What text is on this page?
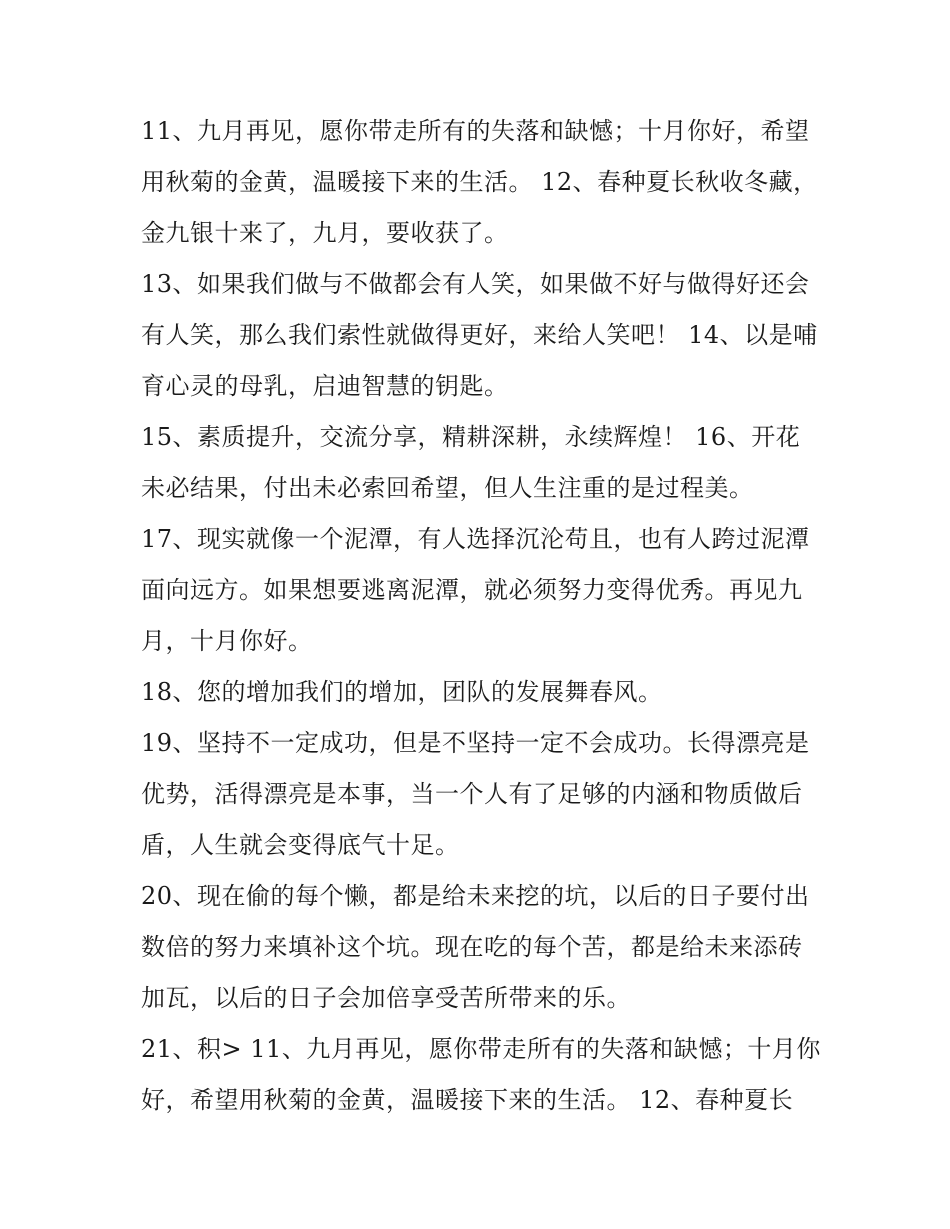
11、九月再见，愿你带走所有的失落和缺憾；十月你好，希望用秋菊的金黄，温暖接下来的生活。 12、春种夏长秋收冬藏，金九银十来了，九月，要收获了。

13、如果我们做与不做都会有人笑，如果做不好与做得好还会有人笑，那么我们索性就做得更好，来给人笑吧！ 14、以是哺育心灵的母乳，启迪智慧的钥匙。

15、素质提升，交流分享，精耕深耕，永续辉煌！ 16、开花未必结果，付出未必索回希望，但人生注重的是过程美。

17、现实就像一个泥潭，有人选择沉沦苟且，也有人跨过泥潭面向远方。如果想要逃离泥潭，就必须努力变得优秀。再见九月，十月你好。

18、您的增加我们的增加，团队的发展舞春风。

19、坚持不一定成功，但是不坚持一定不会成功。长得漂亮是优势，活得漂亮是本事，当一个人有了足够的内涵和物质做后盾，人生就会变得底气十足。

20、现在偷的每个懒，都是给未来挖的坑，以后的日子要付出数倍的努力来填补这个坑。现在吃的每个苦，都是给未来添砖加瓦，以后的日子会加倍享受苦所带来的乐。

21、积> 11、九月再见，愿你带走所有的失落和缺憾；十月你好，希望用秋菊的金黄，温暖接下来的生活。 12、春种夏长
